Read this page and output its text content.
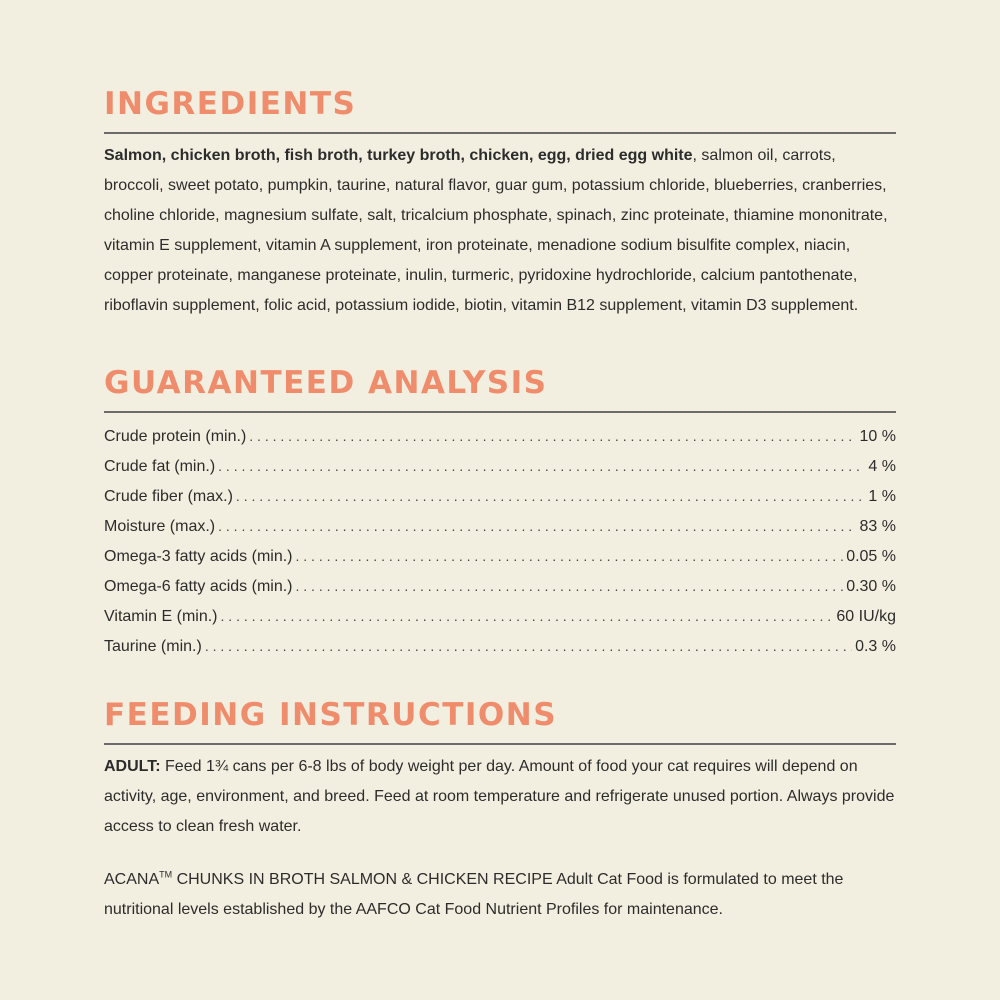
INGREDIENTS

Salmon, chicken broth, fish broth, turkey broth, chicken, egg, dried egg white, salmon oil, carrots, broccoli, sweet potato, pumpkin, taurine, natural flavor, guar gum, potassium chloride, blueberries, cranberries, choline chloride, magnesium sulfate, salt, tricalcium phosphate, spinach, zinc proteinate, thiamine mononitrate, vitamin E supplement, vitamin A supplement, iron proteinate, menadione sodium bisulfite complex, niacin, copper proteinate, manganese proteinate, inulin, turmeric, pyridoxine hydrochloride, calcium pantothenate, riboflavin supplement, folic acid, potassium iodide, biotin, vitamin B12 supplement, vitamin D3 supplement.

GUARANTEED ANALYSIS
Crude protein (min.) . . .	10 %
Crude fat (min.) . . .	4 %
Crude fiber (max.) . . .	1 %
Moisture (max.) . . .	83 %
Omega-3 fatty acids (min.) . . .	0.05 %
Omega-6 fatty acids (min.) . . .	0.30 %
Vitamin E (min.) . . .	60 IU/kg
Taurine (min.) . . .	0.3 %
FEEDING INSTRUCTIONS

ADULT: Feed 1¾ cans per 6-8 lbs of body weight per day. Amount of food your cat requires will depend on activity, age, environment, and breed. Feed at room temperature and refrigerate unused portion. Always provide access to clean fresh water.

ACANA™ CHUNKS IN BROTH SALMON & CHICKEN RECIPE Adult Cat Food is formulated to meet the nutritional levels established by the AAFCO Cat Food Nutrient Profiles for maintenance.
